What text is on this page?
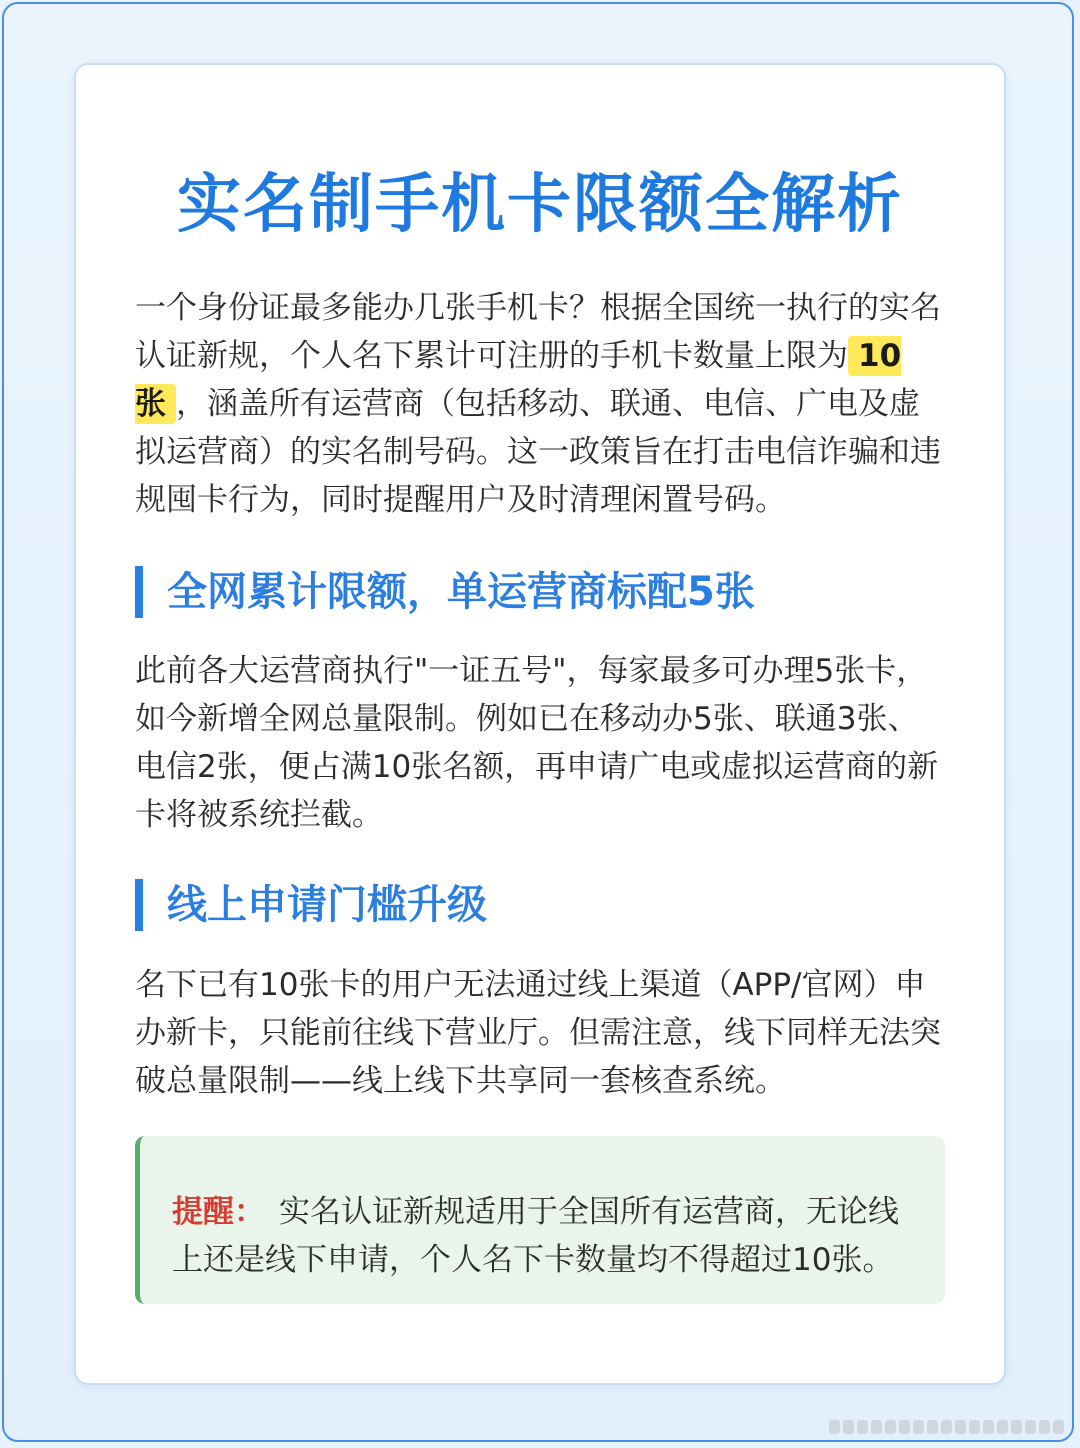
实名制手机卡限额全解析

一个身份证最多能办几张手机卡？根据全国统一执行的实名认证新规，个人名下累计可注册的手机卡数量上限为 10张 ，涵盖所有运营商（包括移动、联通、电信、广电及虚拟运营商）的实名制号码。这一政策旨在打击电信诈骗和违规囤卡行为，同时提醒用户及时清理闲置号码。

全网累计限额，单运营商标配5张

此前各大运营商执行"一证五号"，每家最多可办理5张卡，如今新增全网总量限制。例如已在移动办5张、联通3张、电信2张，便占满10张名额，再申请广电或虚拟运营商的新卡将被系统拦截。

线上申请门槛升级

名下已有10张卡的用户无法通过线上渠道（APP/官网）申办新卡，只能前往线下营业厅。但需注意，线下同样无法突破总量限制——线上线下共享同一套核查系统。

提醒： 实名认证新规适用于全国所有运营商，无论线上还是线下申请，个人名下卡数量均不得超过10张。
